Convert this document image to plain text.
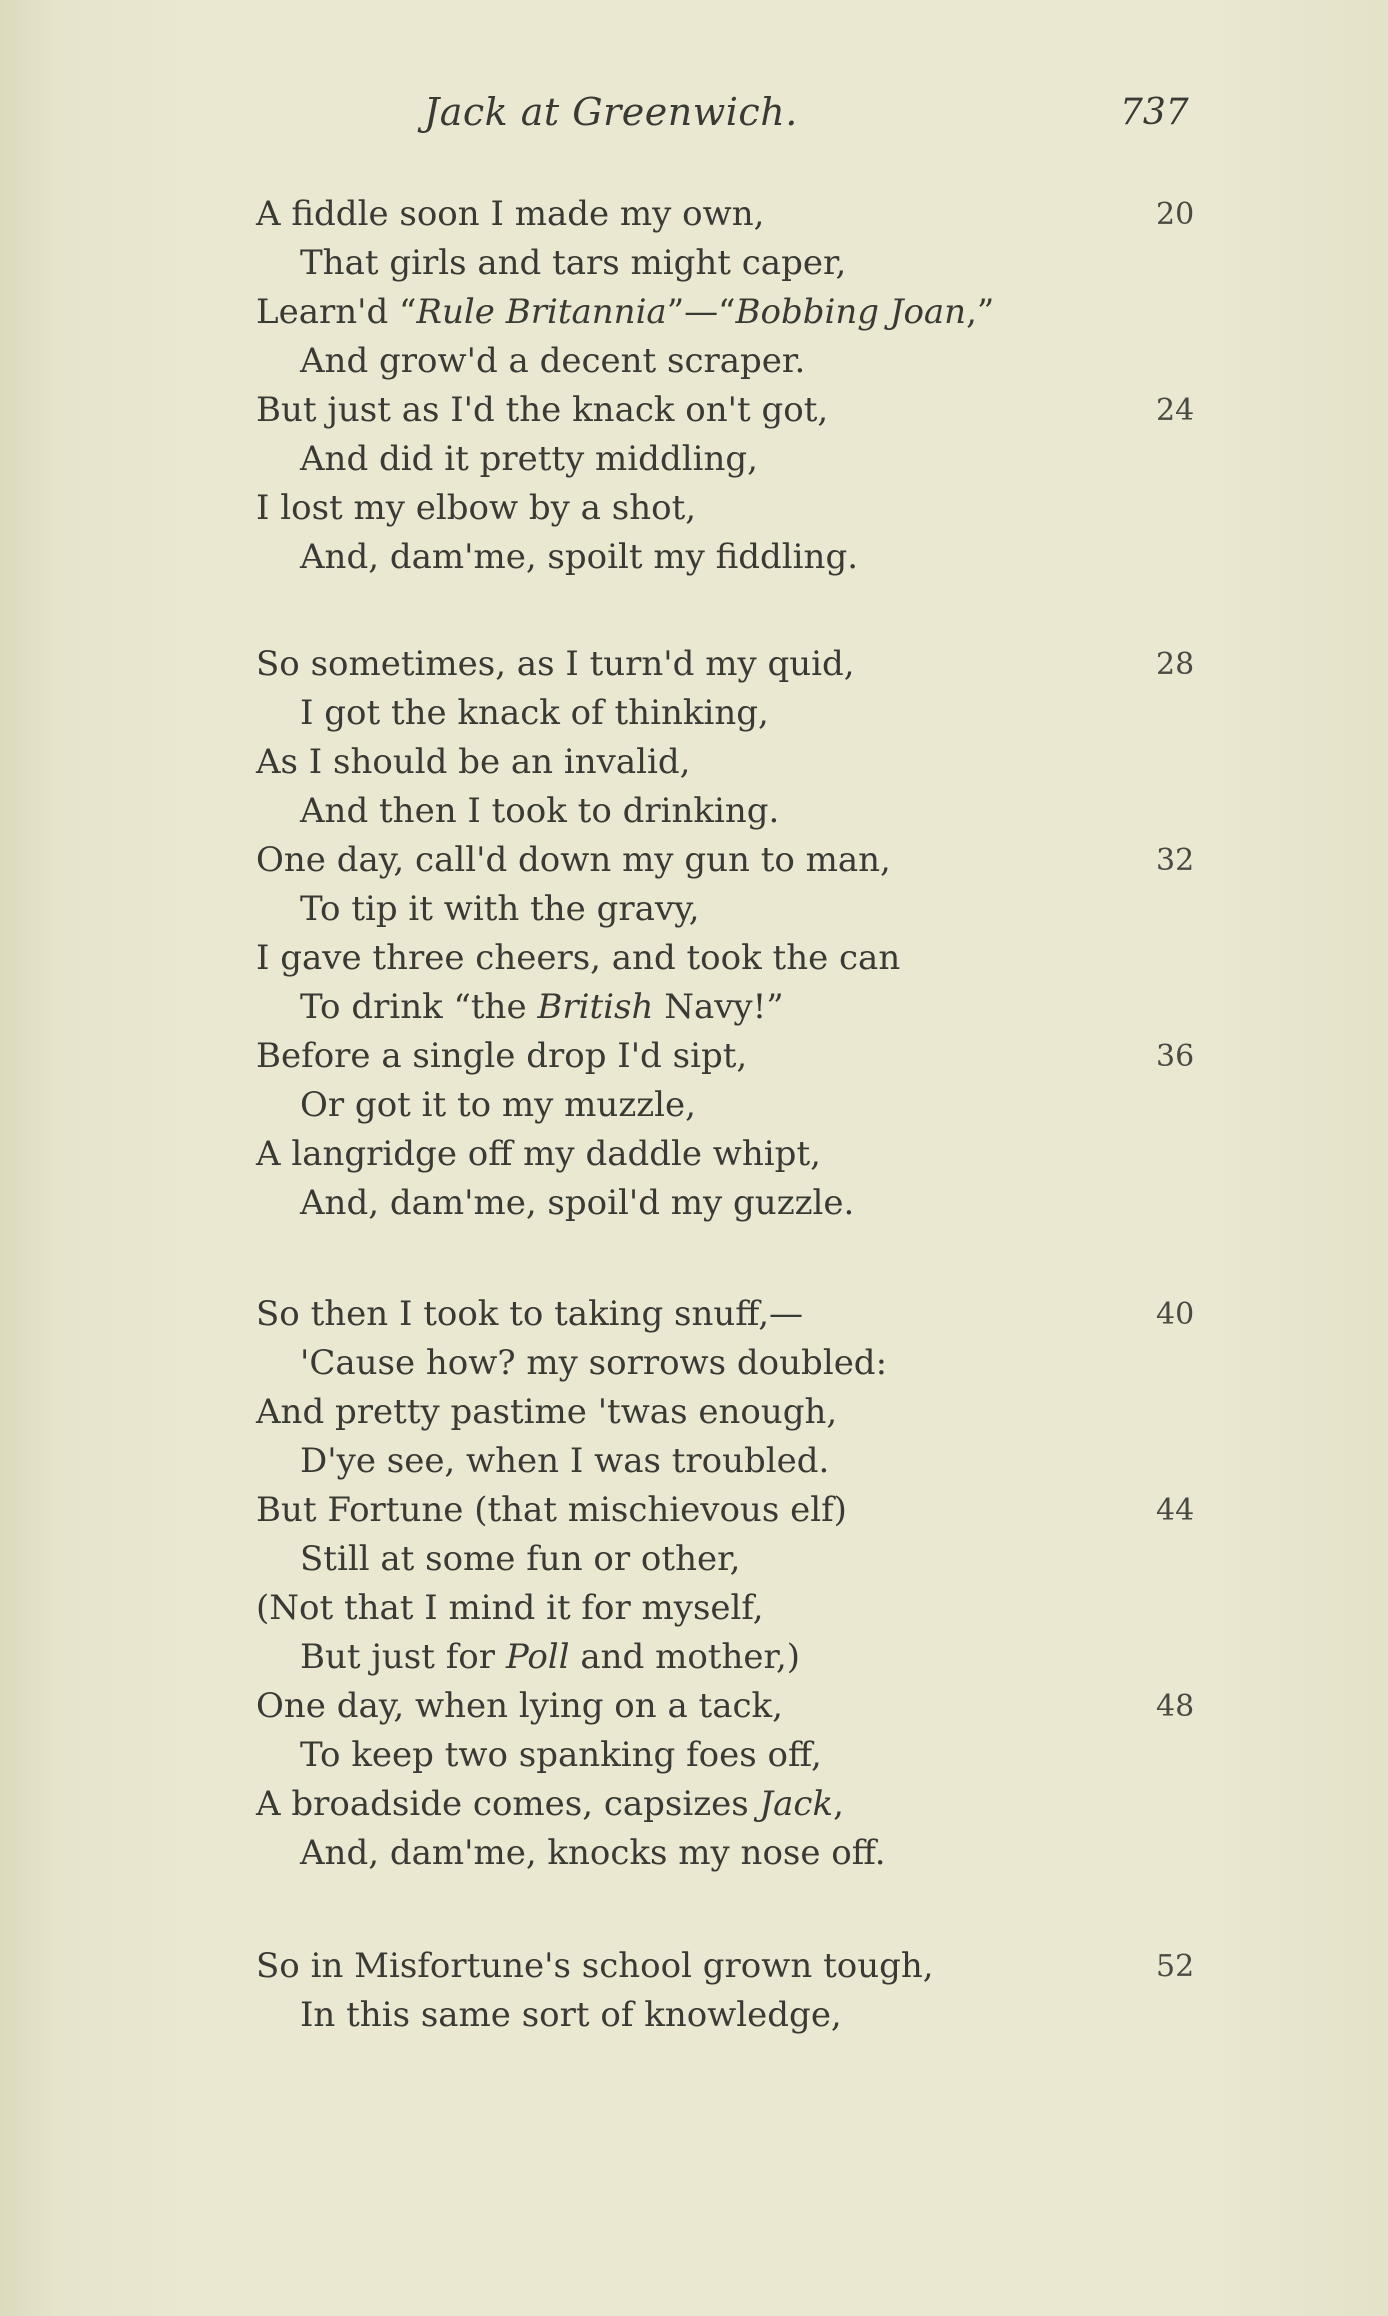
Jack at Greenwich.	737
A fiddle soon I made my own,	20
That girls and tars might caper,
Learn'd “Rule Britannia”—“Bobbing Joan,”
And grow'd a decent scraper.
But just as I'd the knack on't got,	24
And did it pretty middling,
I lost my elbow by a shot,
And, dam'me, spoilt my fiddling.
So sometimes, as I turn'd my quid,	28
I got the knack of thinking,
As I should be an invalid,
And then I took to drinking.
One day, call'd down my gun to man,	32
To tip it with the gravy,
I gave three cheers, and took the can
To drink “the British Navy!”
Before a single drop I'd sipt,	36
Or got it to my muzzle,
A langridge off my daddle whipt,
And, dam'me, spoil'd my guzzle.
So then I took to taking snuff,—	40
'Cause how? my sorrows doubled:
And pretty pastime 'twas enough,
D'ye see, when I was troubled.
But Fortune (that mischievous elf)	44
Still at some fun or other,
(Not that I mind it for myself,
But just for Poll and mother,)
One day, when lying on a tack,	48
To keep two spanking foes off,
A broadside comes, capsizes Jack,
And, dam'me, knocks my nose off.
So in Misfortune's school grown tough,	52
In this same sort of knowledge,
